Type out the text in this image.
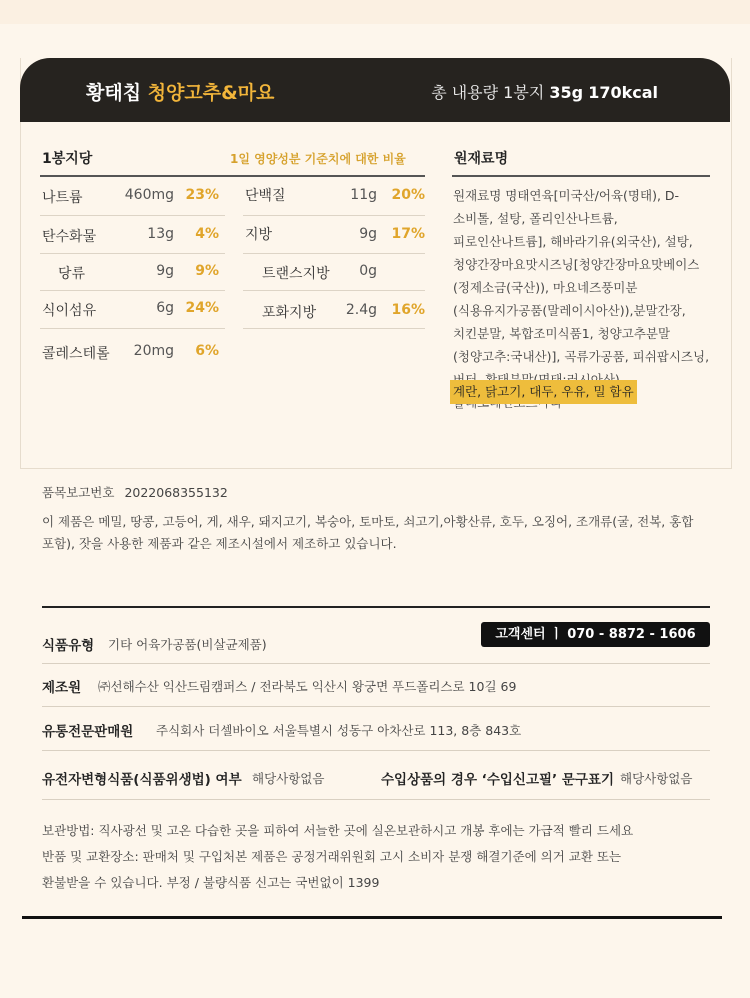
황태칩 청양고추&마요	총 내용량 1봉지 35g 170kcal
1봉지당	1일 영양성분 기준치에 대한 비율
나트륨	460mg 23%
탄수화물	13g	4%
당류	9g	9%
식이섬유	6g 24%
콜레스테롤	20mg	6%
단백질	11g	20%
지방	9g	17%
트랜스지방	0g
포화지방	2.4g	16%
원재료명
원재료명 명태연육[미국산/어육(명태), D-소비톨, 설탕, 폴리인산나트륨, 피로인산나트륨], 해바라기유(외국산), 설탕, 청양간장마요맛시즈닝[청양간장마요맛베이스(정제소금(국산)), 마요네즈풍미분(식용유지가공품(말레이시아산)),분말간장, 치킨분말, 복합조미식품1, 청양고추분말(청양고추:국내산)], 곡류가공품, 피쉬팝시즈닝,
계란, 닭고기, 대두, 우유, 밀 함유
품목보고번호 2022068355132
이 제품은 메밀, 땅콩, 고등어, 게, 새우, 돼지고기, 복숭아, 토마토, 쇠고기,아황산류, 호두, 오징어, 조개류(굴, 전복, 홍합 포함), 잣을 사용한 제품과 같은 제조시설에서 제조하고 있습니다.
식품유형 기타 어육가공품(비살균제품)
고객센터 ㅣ 070 - 8872 - 1606
제조원 ㈜선해수산 익산드림캠퍼스 / 전라북도 익산시 왕궁면 푸드폴리스로 10길 69
유통전문판매원 주식회사 더셀바이오 서울특별시 성동구 아차산로 113, 8층 843호
유전자변형식품(식품위생법) 여부 해당사항없음	수입상품의 경우 ‘수입신고필’ 문구표기 해당사항없음
보관방법: 직사광선 및 고온 다습한 곳을 피하여 서늘한 곳에 실온보관하시고 개봉 후에는 가급적 빨리 드세요
반품 및 교환장소: 판매처 및 구입처본 제품은 공정거래위원회 고시 소비자 분쟁 해결기준에 의거 교환 또는
환불받을 수 있습니다. 부정 / 불량식품 신고는 국번없이 1399
